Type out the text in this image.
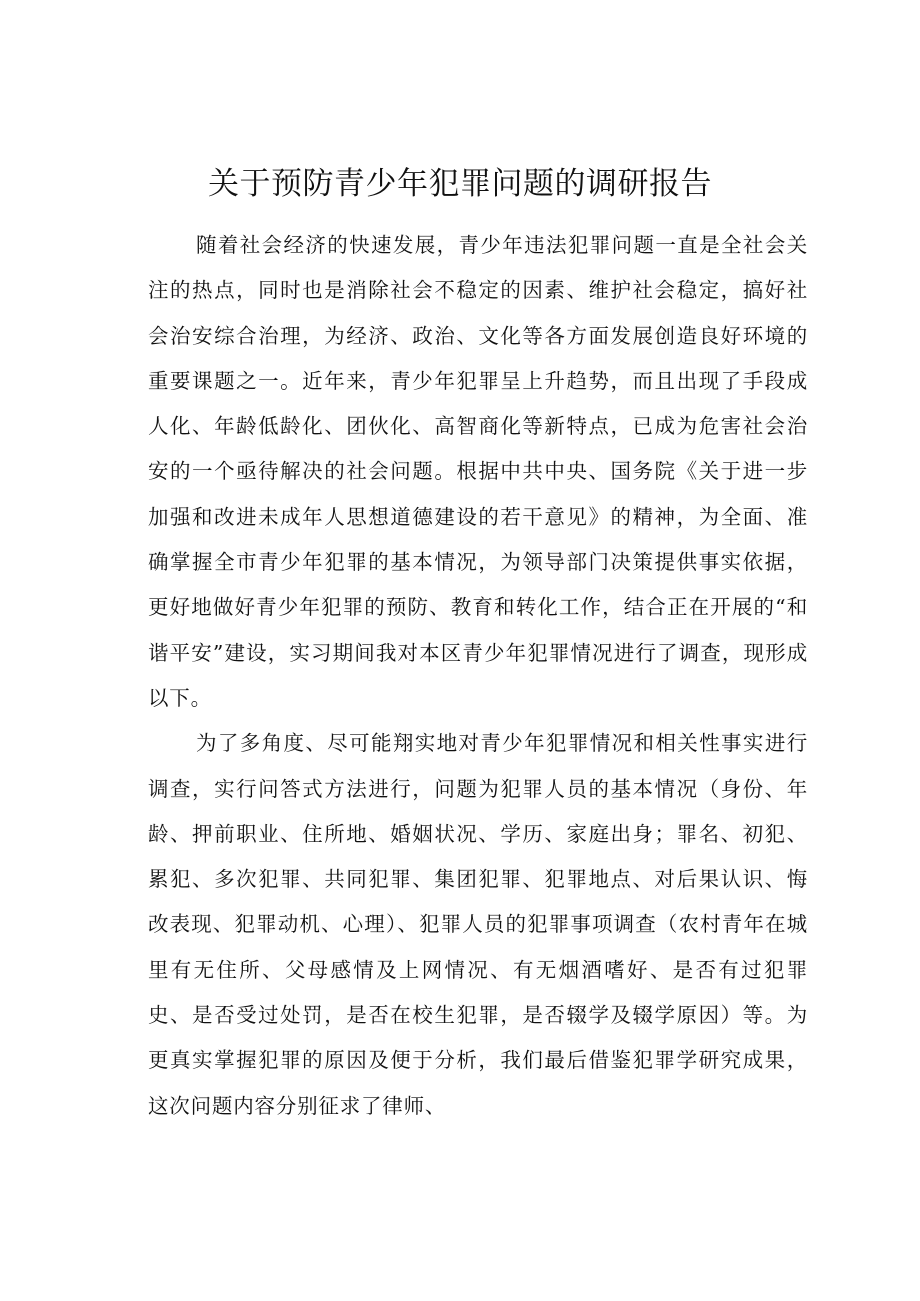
关于预防青少年犯罪问题的调研报告

随着社会经济的快速发展，青少年违法犯罪问题一直是全社会关注的热点，同时也是消除社会不稳定的因素、维护社会稳定，搞好社会治安综合治理，为经济、政治、文化等各方面发展创造良好环境的重要课题之一。近年来，青少年犯罪呈上升趋势，而且出现了手段成人化、年龄低龄化、团伙化、高智商化等新特点，已成为危害社会治安的一个亟待解决的社会问题。根据中共中央、国务院《关于进一步加强和改进未成年人思想道德建设的若干意见》的精神，为全面、准确掌握全市青少年犯罪的基本情况，为领导部门决策提供事实依据，更好地做好青少年犯罪的预防、教育和转化工作，结合正在开展的“和谐平安”建设，实习期间我对本区青少年犯罪情况进行了调查，现形成以下。

为了多角度、尽可能翔实地对青少年犯罪情况和相关性事实进行调查，实行问答式方法进行，问题为犯罪人员的基本情况（身份、年龄、押前职业、住所地、婚姻状况、学历、家庭出身；罪名、初犯、累犯、多次犯罪、共同犯罪、集团犯罪、犯罪地点、对后果认识、悔改表现、犯罪动机、心理）、犯罪人员的犯罪事项调查（农村青年在城里有无住所、父母感情及上网情况、有无烟酒嗜好、是否有过犯罪史、是否受过处罚，是否在校生犯罪，是否辍学及辍学原因）等。为更真实掌握犯罪的原因及便于分析，我们最后借鉴犯罪学研究成果，这次问题内容分别征求了律师、
